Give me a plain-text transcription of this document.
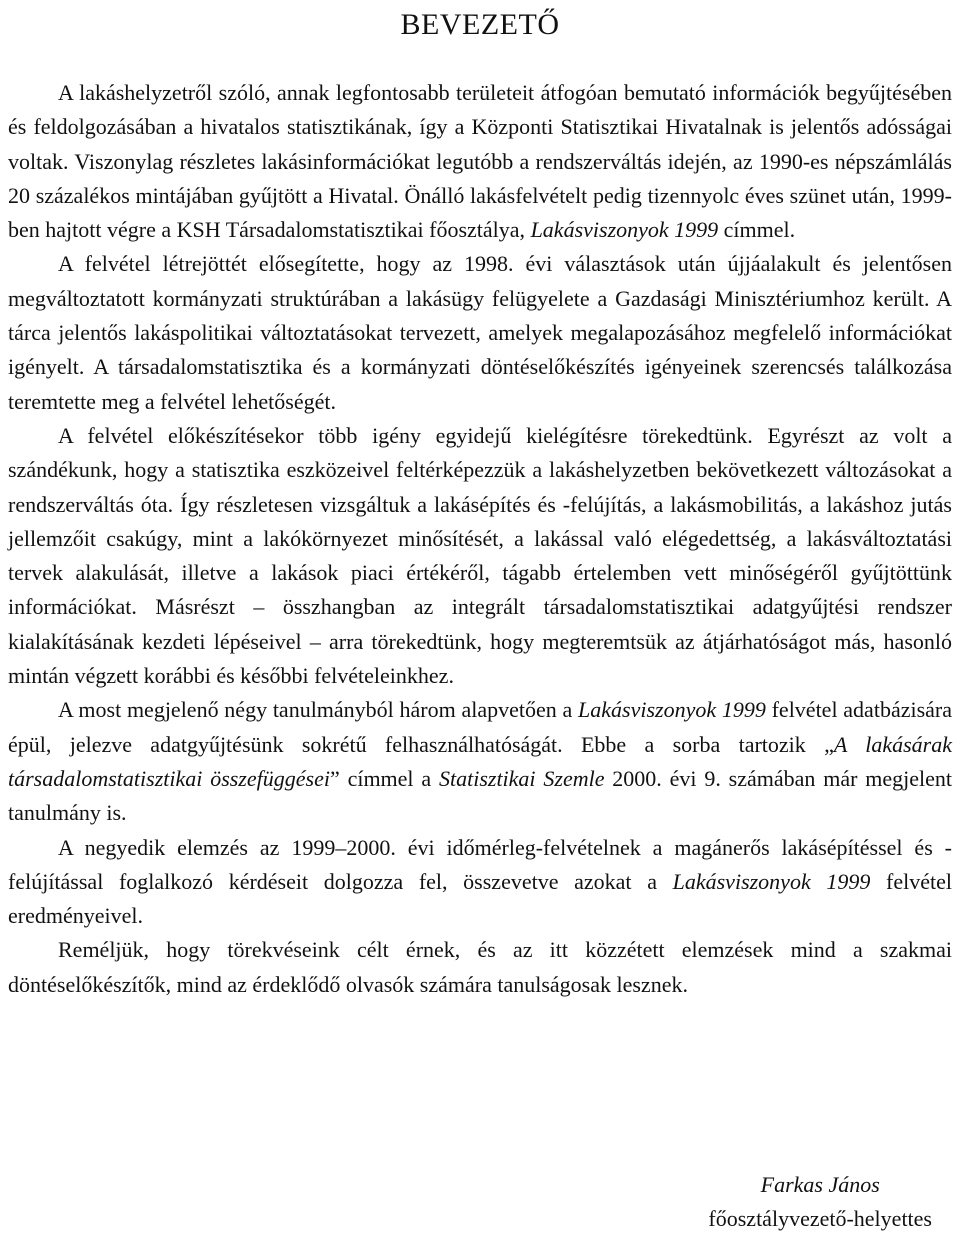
BEVEZETŐ

A lakáshelyzetről szóló, annak legfontosabb területeit átfogóan bemutató információk begyűjtésében és feldolgozásában a hivatalos statisztikának, így a Központi Statisztikai Hivatalnak is jelentős adósságai voltak. Viszonylag részletes lakásinformációkat legutóbb a rendszerváltás idején, az 1990-es népszámlálás 20 százalékos mintájában gyűjtött a Hivatal. Önálló lakásfelvételt pedig tizennyolc éves szünet után, 1999-ben hajtott végre a KSH Társadalomstatisztikai főosztálya, Lakásviszonyok 1999 címmel.

A felvétel létrejöttét elősegítette, hogy az 1998. évi választások után újjáalakult és jelentősen megváltoztatott kormányzati struktúrában a lakásügy felügyelete a Gazdasági Minisztériumhoz került. A tárca jelentős lakáspolitikai változtatásokat tervezett, amelyek megalapozásához megfelelő információkat igényelt. A társadalomstatisztika és a kormányzati döntéselőkészítés igényeinek szerencsés találkozása teremtette meg a felvétel lehetőségét.

A felvétel előkészítésekor több igény egyidejű kielégítésre törekedtünk. Egyrészt az volt a szándékunk, hogy a statisztika eszközeivel feltérképezzük a lakáshelyzetben bekövetkezett változásokat a rendszerváltás óta. Így részletesen vizsgáltuk a lakásépítés és -felújítás, a lakásmobilitás, a lakáshoz jutás jellemzőit csakúgy, mint a lakókörnyezet minősítését, a lakással való elégedettség, a lakásváltoztatási tervek alakulását, illetve a lakások piaci értékéről, tágabb értelemben vett minőségéről gyűjtöttünk információkat. Másrészt – összhangban az integrált társadalomstatisztikai adatgyűjtési rendszer kialakításának kezdeti lépéseivel – arra törekedtünk, hogy megteremtsük az átjárhatóságot más, hasonló mintán végzett korábbi és későbbi felvételeinkhez.

A most megjelenő négy tanulmányból három alapvetően a Lakásviszonyok 1999 felvétel adatbázisára épül, jelezve adatgyűjtésünk sokrétű felhasználhatóságát. Ebbe a sorba tartozik „A lakásárak társadalomstatisztikai összefüggései” címmel a Statisztikai Szemle 2000. évi 9. számában már megjelent tanulmány is.

A negyedik elemzés az 1999–2000. évi időmérleg-felvételnek a magánerős lakásépítéssel és -felújítással foglalkozó kérdéseit dolgozza fel, összevetve azokat a Lakásviszonyok 1999 felvétel eredményeivel.

Reméljük, hogy törekvéseink célt érnek, és az itt közzétett elemzések mind a szakmai döntéselőkészítők, mind az érdeklődő olvasók számára tanulságosak lesznek.

Farkas János
főosztályvezető-helyettes
